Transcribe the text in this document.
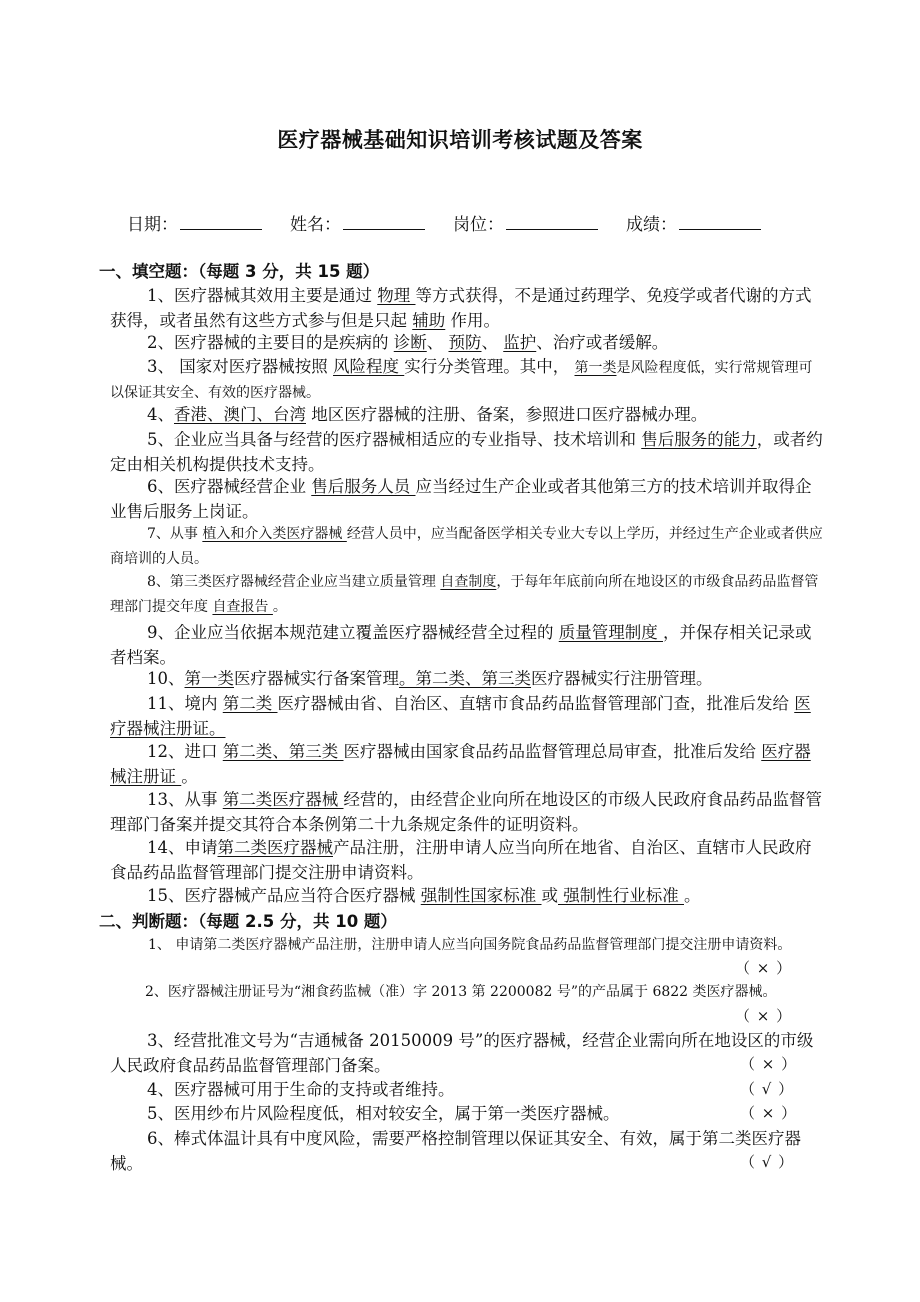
医疗器械基础知识培训考核试题及答案
日期：	姓名：	岗位：	成绩：
一、填空题：（每题 3 分，共 15 题）
1、医疗器械其效用主要是通过 物理 等方式获得，不是通过药理学、免疫学或者代谢的方式获得，或者虽然有这些方式参与但是只起 辅助 作用。
2、医疗器械的主要目的是疾病的 诊断、 预防、 监护、治疗或者缓解。
3、 国家对医疗器械按照 风险程度 实行分类管理。其中， 第一类是风险程度低，实行常规管理可以保证其安全、有效的医疗器械。
4、香港、澳门、台湾 地区医疗器械的注册、备案，参照进口医疗器械办理。
5、企业应当具备与经营的医疗器械相适应的专业指导、技术培训和 售后服务的能力，或者约定由相关机构提供技术支持。
6、医疗器械经营企业 售后服务人员 应当经过生产企业或者其他第三方的技术培训并取得企业售后服务上岗证。
7、从事 植入和介入类医疗器械 经营人员中，应当配备医学相关专业大专以上学历，并经过生产企业或者供应商培训的人员。
8、第三类医疗器械经营企业应当建立质量管理 自查制度，于每年年底前向所在地设区的市级食品药品监督管理部门提交年度 自查报告 。
9、企业应当依据本规范建立覆盖医疗器械经营全过程的 质量管理制度 ，并保存相关记录或者档案。
10、第一类医疗器械实行备案管理。第二类、第三类医疗器械实行注册管理。
11、境内 第二类 医疗器械由省、自治区、直辖市食品药品监督管理部门查，批准后发给 医疗器械注册证。
12、进口 第二类、第三类 医疗器械由国家食品药品监督管理总局审查，批准后发给 医疗器械注册证 。
13、从事 第二类医疗器械 经营的，由经营企业向所在地设区的市级人民政府食品药品监督管理部门备案并提交其符合本条例第二十九条规定条件的证明资料。
14、申请第二类医疗器械产品注册，注册申请人应当向所在地省、自治区、直辖市人民政府食品药品监督管理部门提交注册申请资料。
15、医疗器械产品应当符合医疗器械 强制性国家标准 或 强制性行业标准 。
二、判断题：（每题 2.5 分，共 10 题）
1、 申请第二类医疗器械产品注册，注册申请人应当向国务院食品药品监督管理部门提交注册申请资料。
（ × ）
2、医疗器械注册证号为“湘食药监械（准）字 2013 第 2200082 号”的产品属于 6822 类医疗器械。
（ × ）
3、经营批准文号为“吉通械备 20150009 号”的医疗器械，经营企业需向所在地设区的市级人民政府食品药品监督管理部门备案。	（ × ）
4、医疗器械可用于生命的支持或者维持。	（ √ ）
5、医用纱布片风险程度低，相对较安全，属于第一类医疗器械。	（ × ）
6、棒式体温计具有中度风险，需要严格控制管理以保证其安全、有效，属于第二类医疗器械。	（ √ ）
